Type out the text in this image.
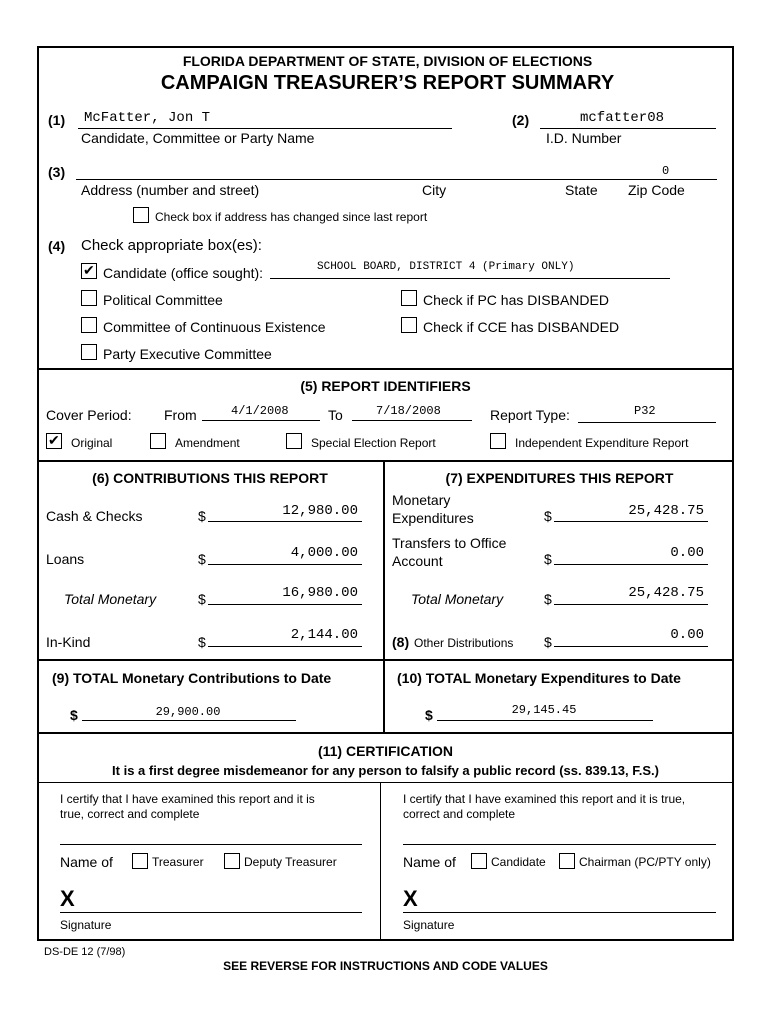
FLORIDA DEPARTMENT OF STATE, DIVISION OF ELECTIONS
CAMPAIGN TREASURER’S REPORT SUMMARY
(1) McFatter, Jon T
Candidate, Committee or Party Name
(2)	mcfatter08
I.D. Number
(3)	0
Address (number and street)	City	State Zip Code
Check box if address has changed since last report
(4) Check appropriate box(es):
✔ Candidate (office sought):	SCHOOL BOARD, DISTRICT 4 (Primary ONLY)
Political Committee	Check if PC has DISBANDED
Committee of Continuous Existence	Check if CCE has DISBANDED
Party Executive Committee
(5) REPORT IDENTIFIERS
Cover Period: From	4/1/2008	To	7/18/2008	Report Type:	P32
✔ Original	Amendment	Special Election Report	Independent Expenditure Report
(6) CONTRIBUTIONS THIS REPORT
Cash & Checks	$	12,980.00
Loans	$	4,000.00
Total Monetary	$	16,980.00
In-Kind	$	2,144.00
(7) EXPENDITURES THIS REPORT
Monetary
Expenditures	$	25,428.75
Transfers to Office
Account	$	0.00
Total Monetary	$	25,428.75
(8) Other Distributions $	0.00
(9) TOTAL Monetary Contributions to Date
$	29,900.00
(10) TOTAL Monetary Expenditures to Date
$	29,145.45
(11) CERTIFICATION
It is a first degree misdemeanor for any person to falsify a public record (ss. 839.13, F.S.)
I certify that I have examined this report and it is
true, correct and complete
Name of	Treasurer	Deputy Treasurer
X
Signature
I certify that I have examined this report and it is true,
correct and complete
Name of	Candidate	Chairman (PC/PTY only)
X
Signature
DS-DE 12 (7/98)
SEE REVERSE FOR INSTRUCTIONS AND CODE VALUES
